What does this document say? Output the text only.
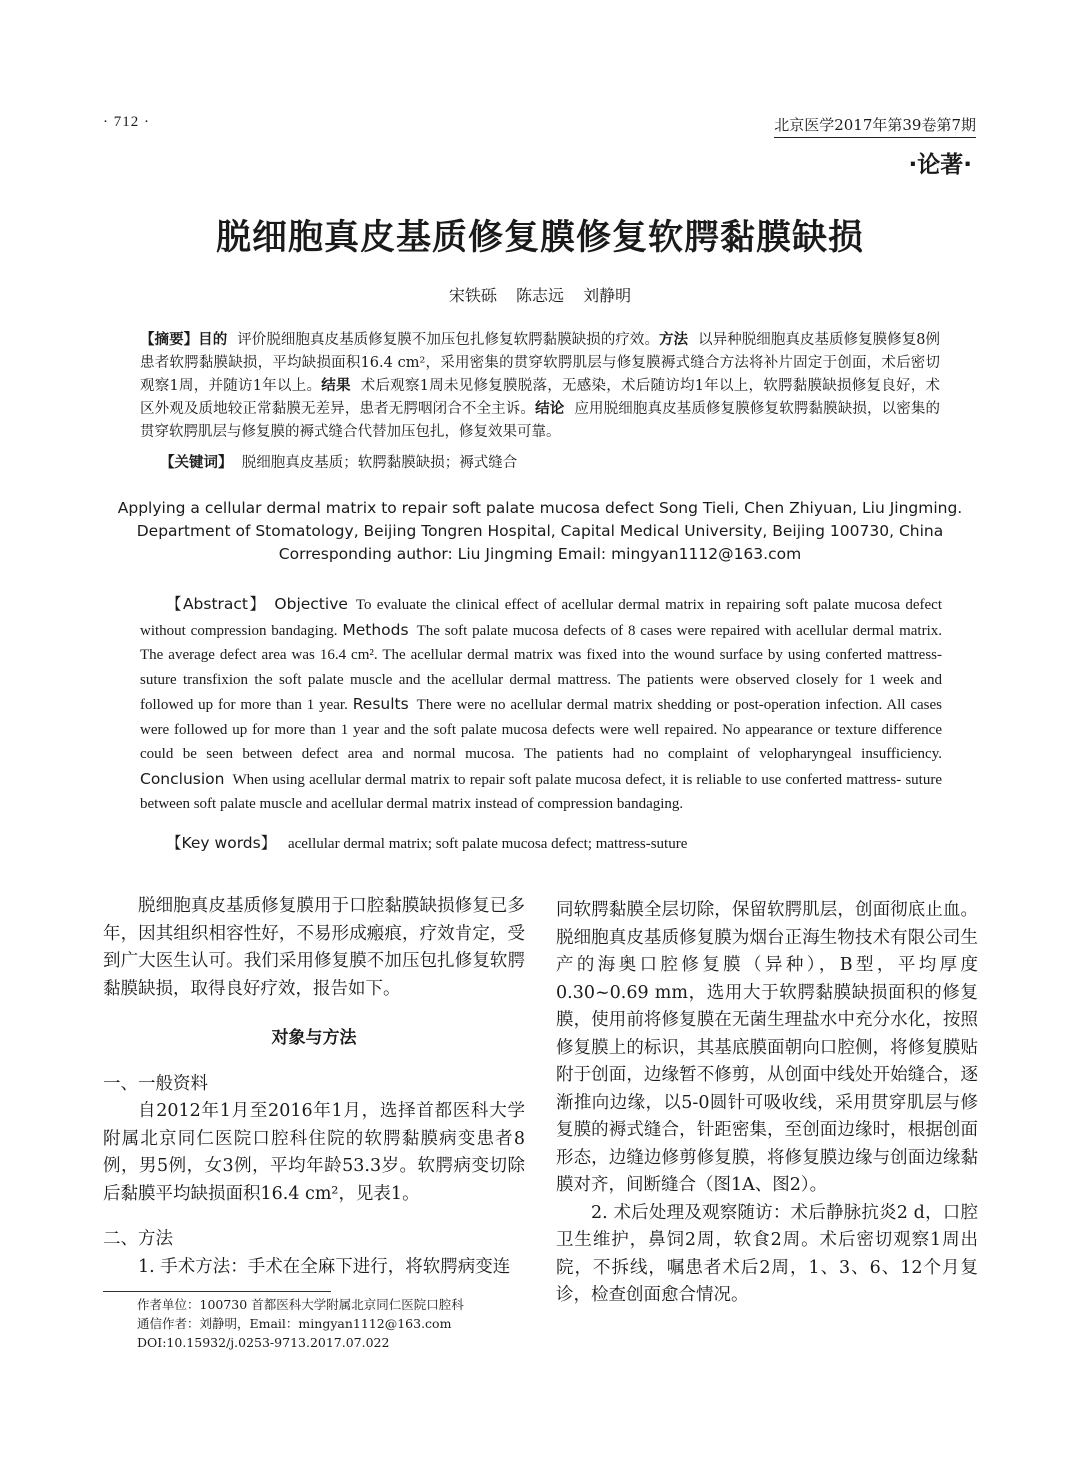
· 712 ·	北京医学2017年第39卷第7期
·论著·
脱细胞真皮基质修复膜修复软腭黏膜缺损
宋铁砾 陈志远 刘静明
【摘要】目的 评价脱细胞真皮基质修复膜不加压包扎修复软腭黏膜缺损的疗效。方法 以异种脱细胞真皮基质修复膜修复8例患者软腭黏膜缺损，平均缺损面积16.4 cm²，采用密集的贯穿软腭肌层与修复膜褥式缝合方法将补片固定于创面，术后密切观察1周，并随访1年以上。结果 术后观察1周未见修复膜脱落，无感染，术后随访均1年以上，软腭黏膜缺损修复良好，术区外观及质地较正常黏膜无差异，患者无腭咽闭合不全主诉。结论 应用脱细胞真皮基质修复膜修复软腭黏膜缺损，以密集的贯穿软腭肌层与修复膜的褥式缝合代替加压包扎，修复效果可靠。
【关键词】 脱细胞真皮基质；软腭黏膜缺损；褥式缝合
Applying a cellular dermal matrix to repair soft palate mucosa defect Song Tieli, Chen Zhiyuan, Liu Jingming.
Department of Stomatology, Beijing Tongren Hospital, Capital Medical University, Beijing 100730, China
Corresponding author: Liu Jingming Email: mingyan1112@163.com
【Abstract】 Objective To evaluate the clinical effect of acellular dermal matrix in repairing soft palate mucosa defect without compression bandaging. Methods The soft palate mucosa defects of 8 cases were repaired with acellular dermal matrix. The average defect area was 16.4 cm². The acellular dermal matrix was fixed into the wound surface by using conferted mattress-suture transfixion the soft palate muscle and the acellular dermal mattress. The patients were observed closely for 1 week and followed up for more than 1 year. Results There were no acellular dermal matrix shedding or post-operation infection. All cases were followed up for more than 1 year and the soft palate mucosa defects were well repaired. No appearance or texture difference could be seen between defect area and normal mucosa. The patients had no complaint of velopharyngeal insufficiency. Conclusion When using acellular dermal matrix to repair soft palate mucosa defect, it is reliable to use conferted mattress- suture between soft palate muscle and acellular dermal matrix instead of compression bandaging.
【Key words】 acellular dermal matrix; soft palate mucosa defect; mattress-suture

脱细胞真皮基质修复膜用于口腔黏膜缺损修复已多年，因其组织相容性好，不易形成瘢痕，疗效肯定，受到广大医生认可。我们采用修复膜不加压包扎修复软腭黏膜缺损，取得良好疗效，报告如下。

对象与方法

一、一般资料

自2012年1月至2016年1月，选择首都医科大学附属北京同仁医院口腔科住院的软腭黏膜病变患者8例，男5例，女3例，平均年龄53.3岁。软腭病变切除后黏膜平均缺损面积16.4 cm²，见表1。

二、方法

1. 手术方法：手术在全麻下进行，将软腭病变连

同软腭黏膜全层切除，保留软腭肌层，创面彻底止血。脱细胞真皮基质修复膜为烟台正海生物技术有限公司生产的海奥口腔修复膜（异种），B型，平均厚度0.30~0.69 mm，选用大于软腭黏膜缺损面积的修复膜，使用前将修复膜在无菌生理盐水中充分水化，按照修复膜上的标识，其基底膜面朝向口腔侧，将修复膜贴附于创面，边缘暂不修剪，从创面中线处开始缝合，逐渐推向边缘，以5-0圆针可吸收线，采用贯穿肌层与修复膜的褥式缝合，针距密集，至创面边缘时，根据创面形态，边缝边修剪修复膜，将修复膜边缘与创面边缘黏膜对齐，间断缝合（图1A、图2）。

2. 术后处理及观察随访：术后静脉抗炎2 d，口腔卫生维护，鼻饲2周，软食2周。术后密切观察1周出院，不拆线，嘱患者术后2周，1、3、6、12个月复诊，检查创面愈合情况。

作者单位：100730 首都医科大学附属北京同仁医院口腔科
通信作者：刘静明，Email：mingyan1112@163.com
DOI:10.15932/j.0253-9713.2017.07.022
